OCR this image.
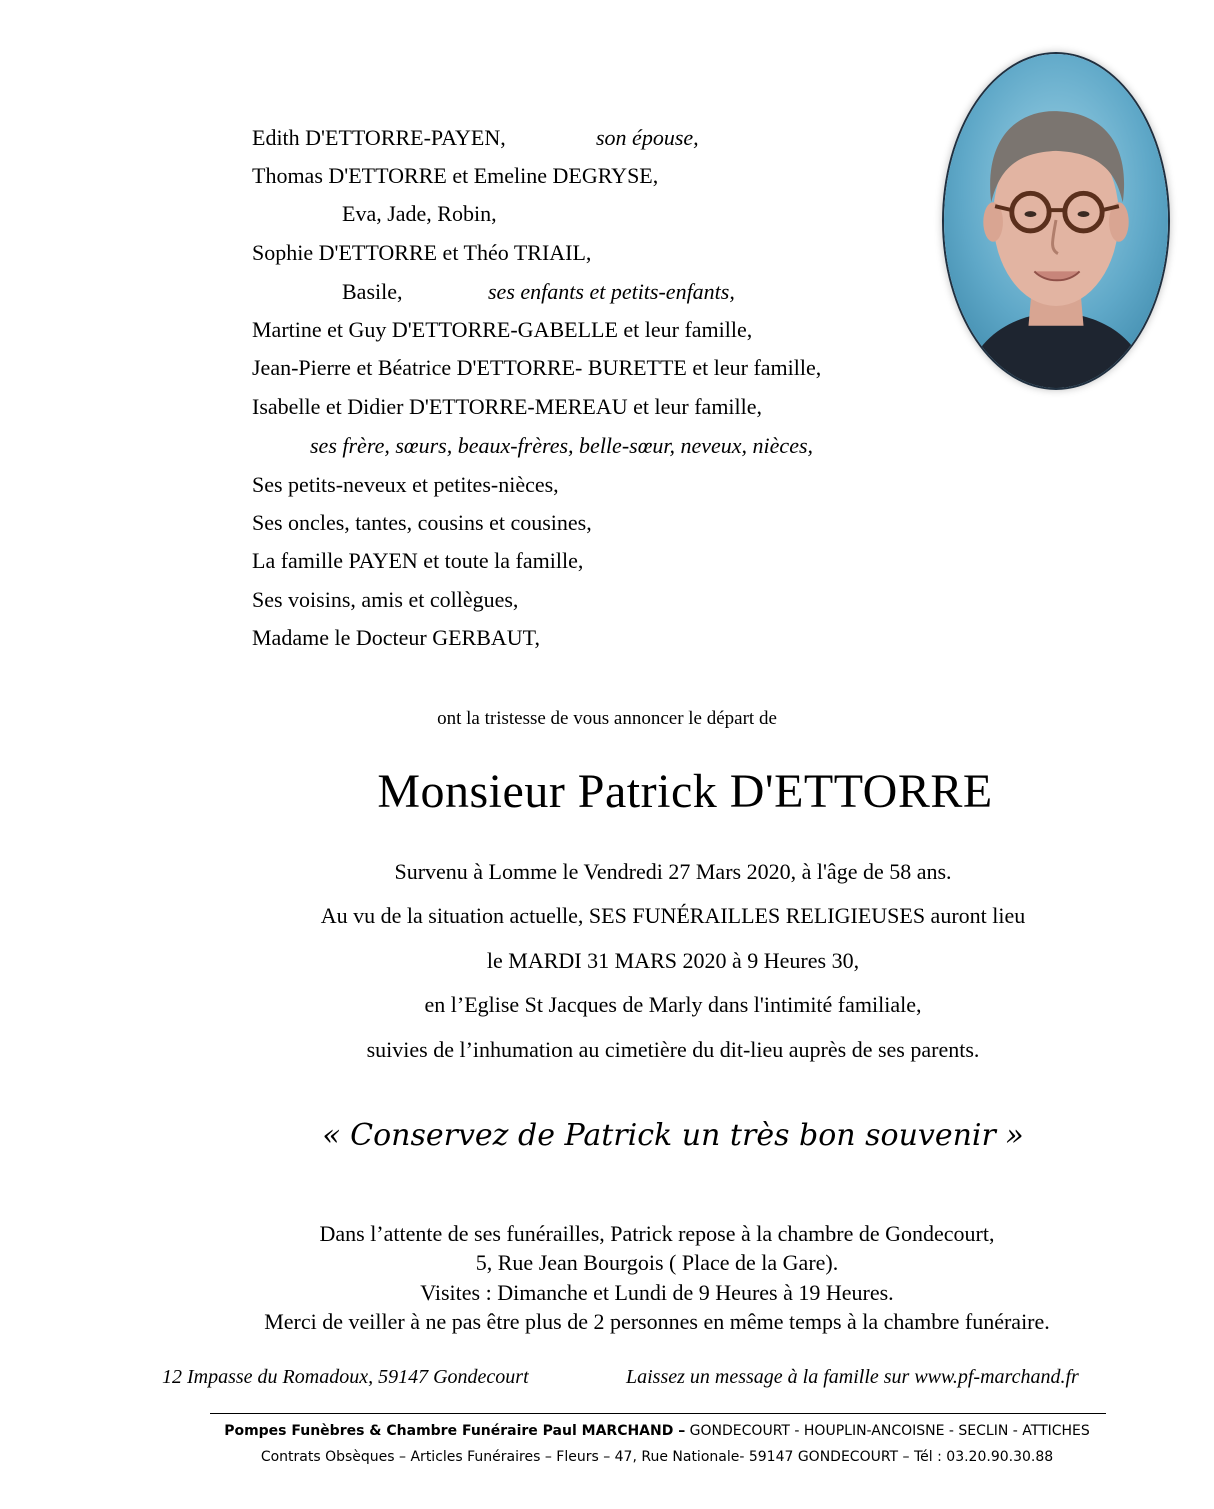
Edith D'ETTORRE-PAYEN,	son épouse,
Thomas D'ETTORRE et Emeline DEGRYSE,
Eva, Jade, Robin,
Sophie D'ETTORRE et Théo TRIAIL,
Basile,	ses enfants et petits-enfants,
Martine et Guy D'ETTORRE-GABELLE et leur famille,
Jean-Pierre et Béatrice D'ETTORRE- BURETTE et leur famille,
Isabelle et Didier D'ETTORRE-MEREAU et leur famille,
ses frère, sœurs, beaux-frères, belle-sœur, neveux, nièces,
Ses petits-neveux et petites-nièces,
Ses oncles, tantes, cousins et cousines,
La famille PAYEN et toute la famille,
Ses voisins, amis et collègues,
Madame le Docteur GERBAUT,
ont la tristesse de vous annoncer le départ de
Monsieur Patrick D'ETTORRE
Survenu à Lomme le Vendredi 27 Mars 2020, à l'âge de 58 ans.
Au vu de la situation actuelle, SES FUNÉRAILLES RELIGIEUSES auront lieu
le MARDI 31 MARS 2020 à 9 Heures 30,
en l’Eglise St Jacques de Marly dans l'intimité familiale,
suivies de l’inhumation au cimetière du dit-lieu auprès de ses parents.
« Conservez de Patrick un très bon souvenir »
Dans l’attente de ses funérailles, Patrick repose à la chambre de Gondecourt,
5, Rue Jean Bourgois ( Place de la Gare).
Visites : Dimanche et Lundi de 9 Heures à 19 Heures.
Merci de veiller à ne pas être plus de 2 personnes en même temps à la chambre funéraire.
12 Impasse du Romadoux, 59147 Gondecourt	Laissez un message à la famille sur www.pf-marchand.fr
Pompes Funèbres & Chambre Funéraire Paul MARCHAND – GONDECOURT - HOUPLIN-ANCOISNE - SECLIN - ATTICHES
Contrats Obsèques – Articles Funéraires – Fleurs – 47, Rue Nationale- 59147 GONDECOURT – Tél : 03.20.90.30.88
